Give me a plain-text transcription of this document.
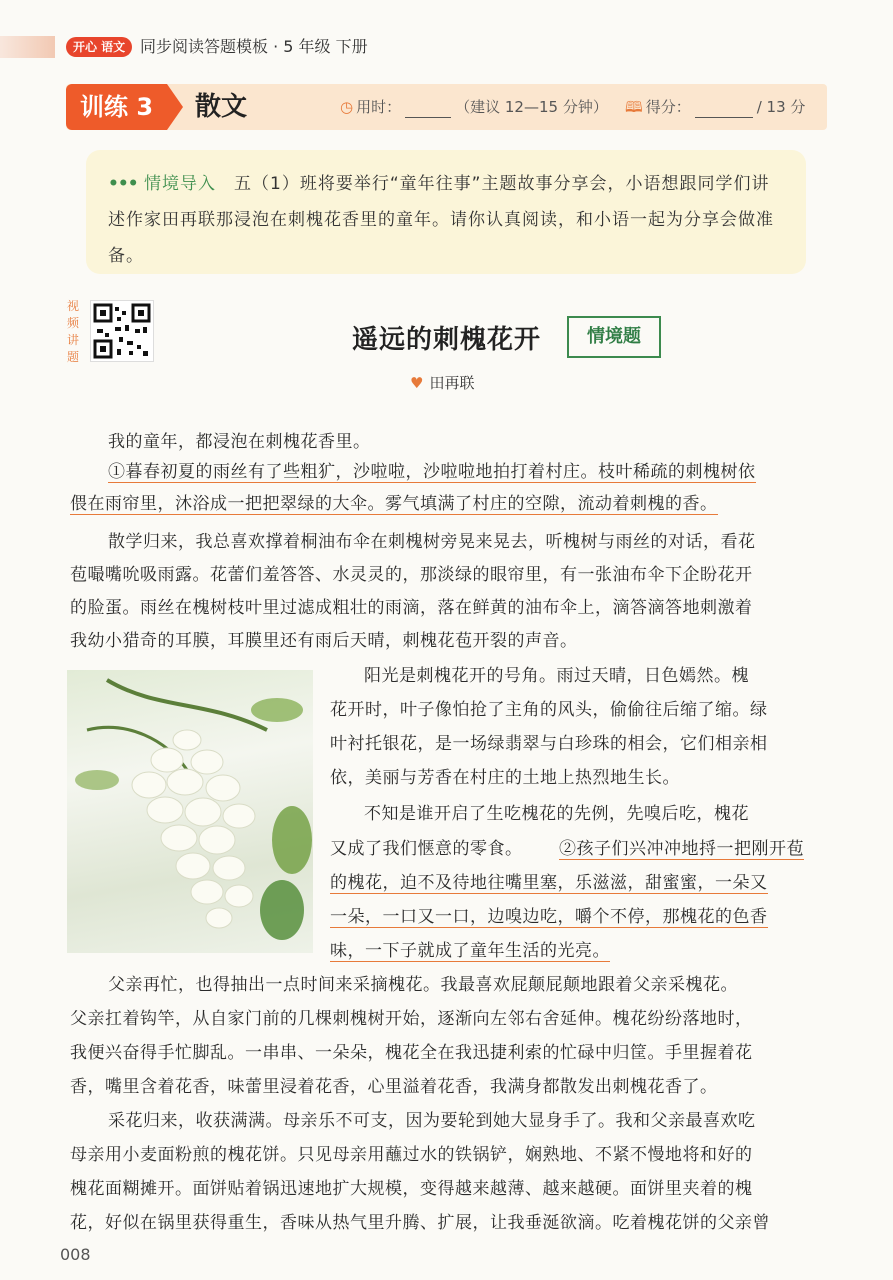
开心 语文 同步阅读答题模板 · 5 年级 下册
训练 3	散文	◷ 用时：	（建议 12—15 分钟） 🕮 得分：	/ 13 分
••• 情境导入 五（1）班将要举行“童年往事”主题故事分享会，小语想跟同学们讲述作家田再联那浸泡在刺槐花香里的童年。请你认真阅读，和小语一起为分享会做准备。
视频讲题
遥远的刺槐花开	情境题
♥ 田再联
我的童年，都浸泡在刺槐花香里。
①暮春初夏的雨丝有了些粗犷，沙啦啦，沙啦啦地拍打着村庄。枝叶稀疏的刺槐树依
偎在雨帘里，沐浴成一把把翠绿的大伞。雾气填满了村庄的空隙，流动着刺槐的香。
散学归来，我总喜欢撑着桐油布伞在刺槐树旁晃来晃去，听槐树与雨丝的对话，看花
苞嘬嘴吮吸雨露。花蕾们羞答答、水灵灵的，那淡绿的眼帘里，有一张油布伞下企盼花开
的脸蛋。雨丝在槐树枝叶里过滤成粗壮的雨滴，落在鲜黄的油布伞上，滴答滴答地刺激着
我幼小猎奇的耳膜，耳膜里还有雨后天晴，刺槐花苞开裂的声音。
阳光是刺槐花开的号角。雨过天晴，日色嫣然。槐
花开时，叶子像怕抢了主角的风头，偷偷往后缩了缩。绿
叶衬托银花，是一场绿翡翠与白珍珠的相会，它们相亲相
依，美丽与芳香在村庄的土地上热烈地生长。
不知是谁开启了生吃槐花的先例，先嗅后吃，槐花
又成了我们惬意的零食。 ②孩子们兴冲冲地捋一把刚开苞
的槐花，迫不及待地往嘴里塞，乐滋滋，甜蜜蜜，一朵又
一朵，一口又一口，边嗅边吃，嚼个不停，那槐花的色香
味，一下子就成了童年生活的光亮。
父亲再忙，也得抽出一点时间来采摘槐花。我最喜欢屁颠屁颠地跟着父亲采槐花。
父亲扛着钩竿，从自家门前的几棵刺槐树开始，逐渐向左邻右舍延伸。槐花纷纷落地时，
我便兴奋得手忙脚乱。一串串、一朵朵，槐花全在我迅捷利索的忙碌中归筐。手里握着花
香，嘴里含着花香，味蕾里浸着花香，心里溢着花香，我满身都散发出刺槐花香了。
采花归来，收获满满。母亲乐不可支，因为要轮到她大显身手了。我和父亲最喜欢吃
母亲用小麦面粉煎的槐花饼。只见母亲用蘸过水的铁锅铲，娴熟地、不紧不慢地将和好的
槐花面糊摊开。面饼贴着锅迅速地扩大规模，变得越来越薄、越来越硬。面饼里夹着的槐
花，好似在锅里获得重生，香味从热气里升腾、扩展，让我垂涎欲滴。吃着槐花饼的父亲曾
008
